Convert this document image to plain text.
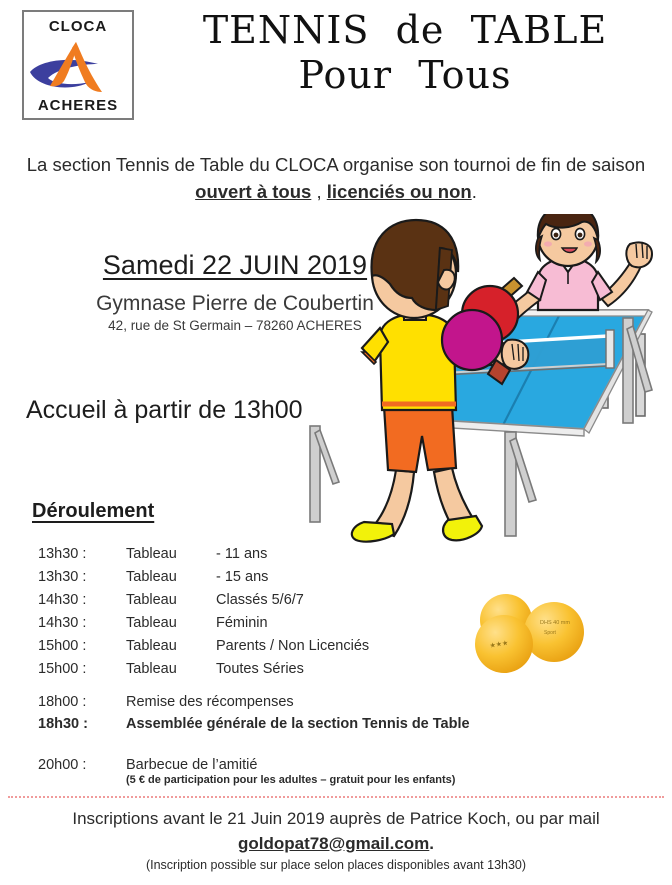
CLOCA
ACHERES
TENNIS  de  TABLE
Pour  Tous
La section Tennis de Table du CLOCA organise son tournoi de fin de saison ouvert à tous , licenciés ou non.
Samedi 22 JUIN 2019
Gymnase Pierre de Coubertin
42, rue de St Germain – 78260 ACHERES
Accueil à partir de 13h00
★★★
DHS 40 mm
Sport
Déroulement
13h30 :	Tableau	- 11 ans
13h30 :	Tableau	- 15 ans
14h30 :	Tableau	Classés 5/6/7
14h30 :	Tableau	Féminin
15h00 :	Tableau	Parents / Non Licenciés
15h00 :	Tableau	Toutes Séries
18h00 :	Remise des récompenses
18h30 :	Assemblée générale de la section Tennis de Table
20h00 :	Barbecue de l’amitié
(5 € de participation pour les adultes – gratuit pour les enfants)
Inscriptions avant le 21 Juin 2019 auprès de Patrice Koch, ou par mail
goldopat78@gmail.com.
(Inscription possible sur place selon places disponibles avant 13h30)
